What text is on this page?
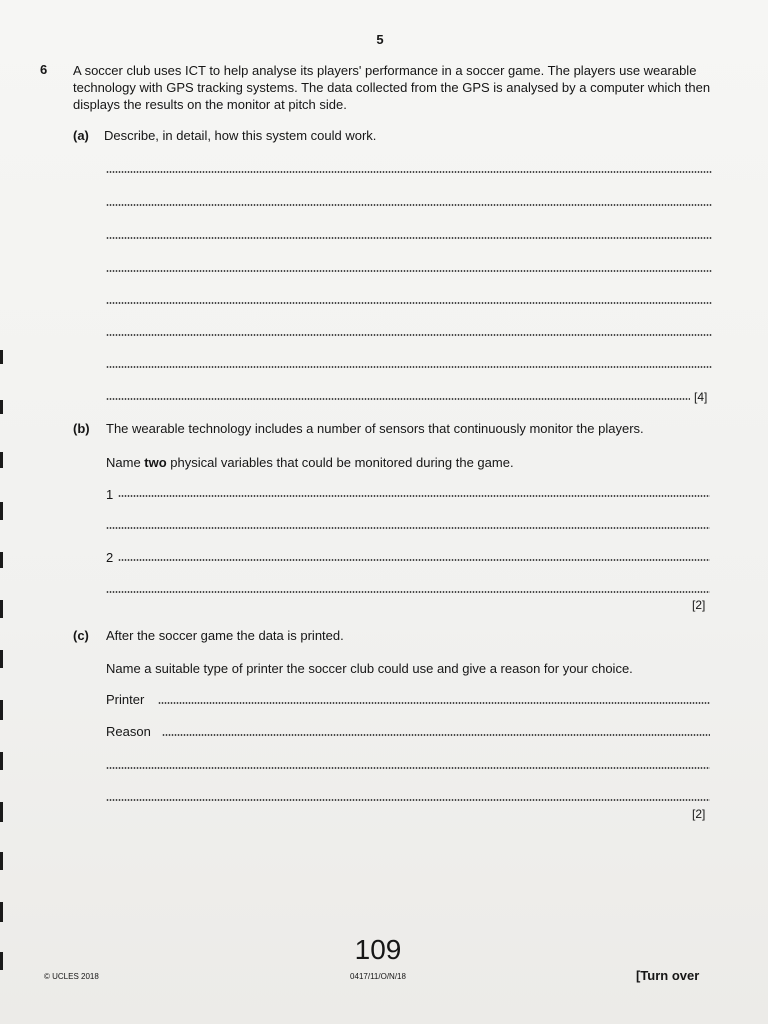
5
6 A soccer club uses ICT to help analyse its players' performance in a soccer game. The players use wearable technology with GPS tracking systems. The data collected from the GPS is analysed by a computer which then displays the results on the monitor at pitch side.
(a) Describe, in detail, how this system could work.
[4]
(b) The wearable technology includes a number of sensors that continuously monitor the players.
Name two physical variables that could be monitored during the game.
1
2
[2]
(c) After the soccer game the data is printed.
Name a suitable type of printer the soccer club could use and give a reason for your choice.
Printer
Reason
[2]
109
© UCLES 2018	0417/11/O/N/18	[Turn over
